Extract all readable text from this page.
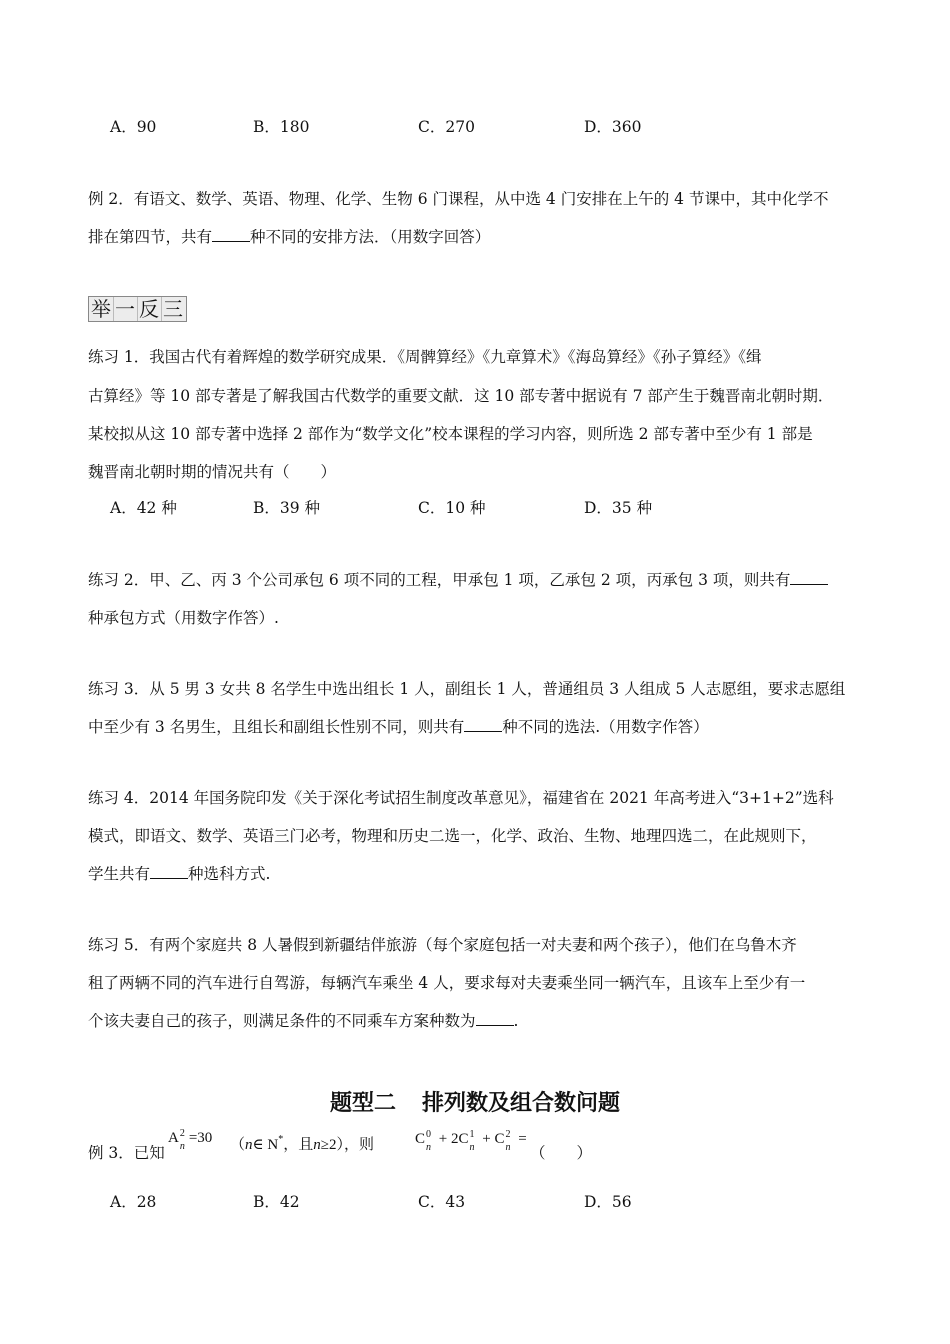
A．90	B．180	C．270	D．360
例 2．有语文、数学、英语、物理、化学、生物 6 门课程，从中选 4 门安排在上午的 4 节课中，其中化学不
排在第四节，共有 种不同的安排方法．（用数字回答）
举 一 反 三
练习 1．我国古代有着辉煌的数学研究成果．《周髀算经》《九章算术》《海岛算经》《孙子算经》《缉
古算经》等 10 部专著是了解我国古代数学的重要文献．这 10 部专著中据说有 7 部产生于魏晋南北朝时期．
某校拟从这 10 部专著中选择 2 部作为“数学文化”校本课程的学习内容，则所选 2 部专著中至少有 1 部是
魏晋南北朝时期的情况共有（　　）
A．42 种	B．39 种	C．10 种	D．35 种
练习 2．甲、乙、丙 3 个公司承包 6 项不同的工程，甲承包 1 项，乙承包 2 项，丙承包 3 项，则共有
种承包方式（用数字作答）.
练习 3．从 5 男 3 女共 8 名学生中选出组长 1 人，副组长 1 人，普通组员 3 人组成 5 人志愿组，要求志愿组
中至少有 3 名男生，且组长和副组长性别不同，则共有 种不同的选法.（用数字作答）
练习 4．2014 年国务院印发《关于深化考试招生制度改革意见》，福建省在 2021 年高考进入“3+1+2”选科
模式，即语文、数学、英语三门必考，物理和历史二选一，化学、政治、生物、地理四选二，在此规则下，
学生共有 种选科方式.
练习 5．有两个家庭共 8 人暑假到新疆结伴旅游（每个家庭包括一对夫妻和两个孩子），他们在乌鲁木齐
租了两辆不同的汽车进行自驾游，每辆汽车乘坐 4 人，要求每对夫妻乘坐同一辆汽车，且该车上至少有一
个该夫妻自己的孩子，则满足条件的不同乘车方案种数为 .
题型二 排列数及组合数问题
例 3．已知
A 2
n
=30 （n∈ N*，且n≥2），则	C 0
n
+ 2C 1
n
+ C 2
n
=
（　　）
A．28	B．42	C．43	D．56
